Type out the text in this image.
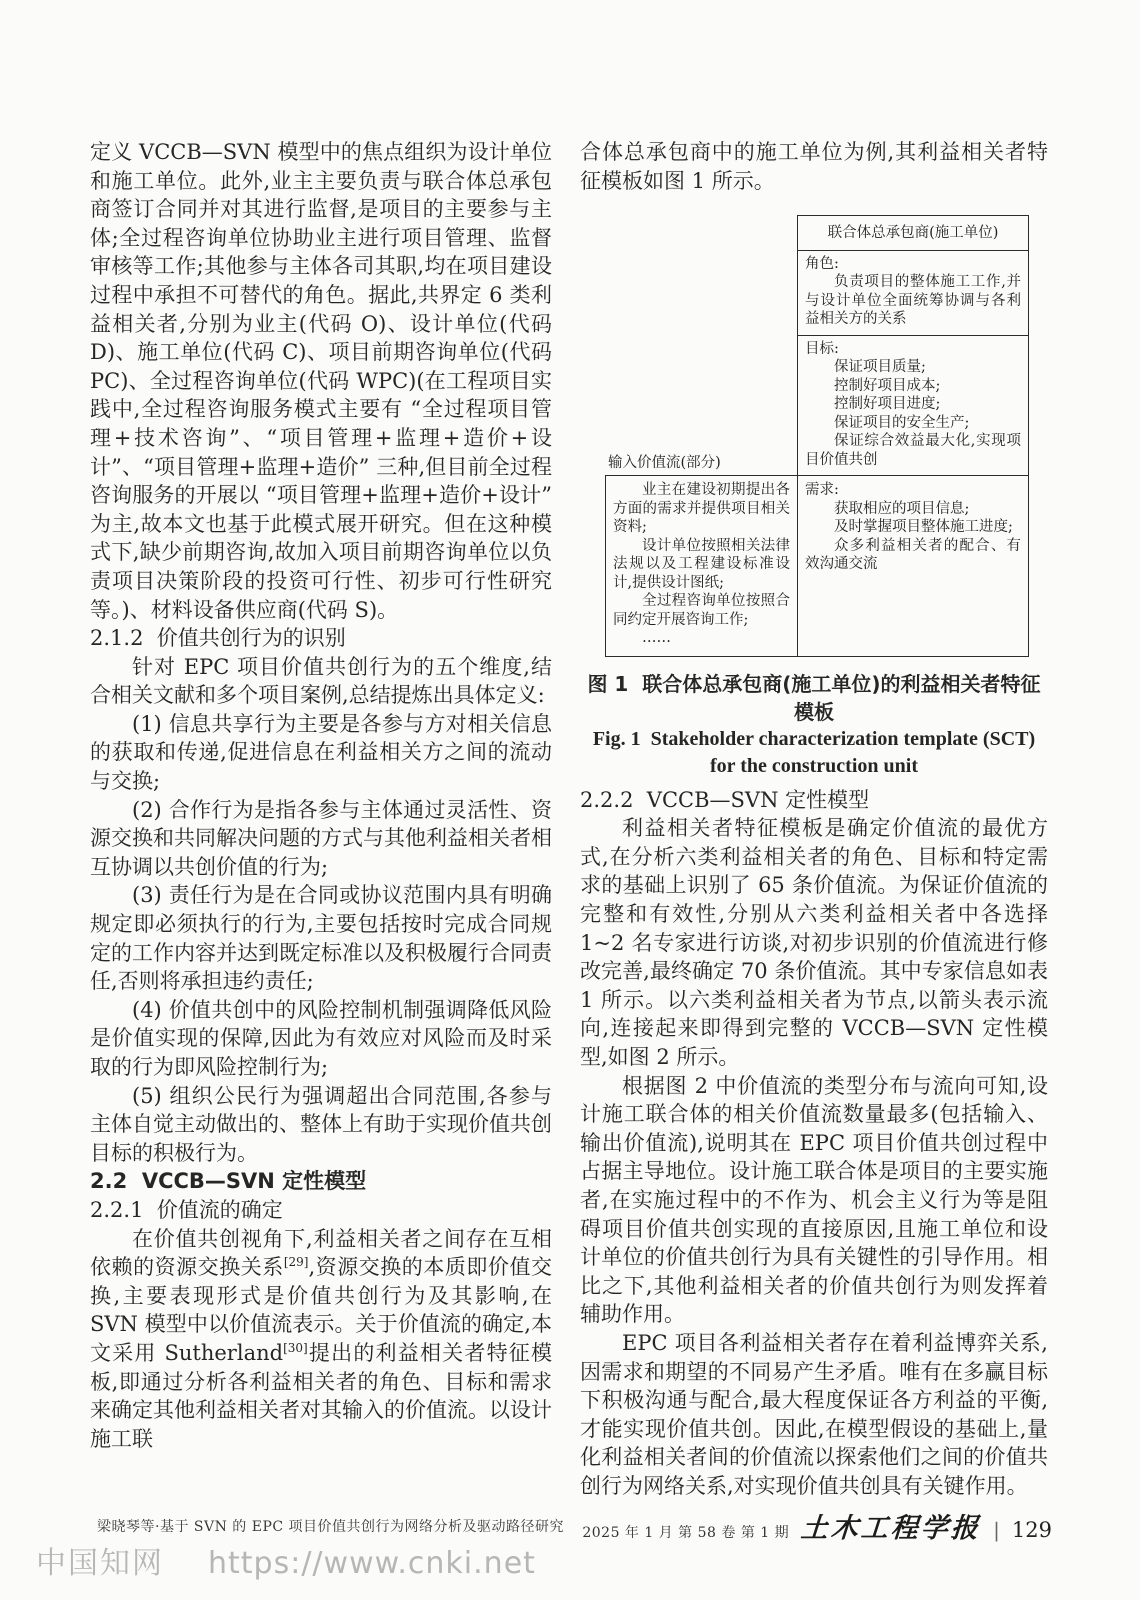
定义 VCCB—SVN 模型中的焦点组织为设计单位和施工单位。此外,业主主要负责与联合体总承包商签订合同并对其进行监督,是项目的主要参与主体;全过程咨询单位协助业主进行项目管理、监督审核等工作;其他参与主体各司其职,均在项目建设过程中承担不可替代的角色。据此,共界定 6 类利益相关者,分别为业主(代码 O)、设计单位(代码 D)、施工单位(代码 C)、项目前期咨询单位(代码 PC)、全过程咨询单位(代码 WPC)(在工程项目实践中,全过程咨询服务模式主要有 “全过程项目管理+技术咨询”、“项目管理+监理+造价+设计”、“项目管理+监理+造价” 三种,但目前全过程咨询服务的开展以 “项目管理+监理+造价+设计” 为主,故本文也基于此模式展开研究。但在这种模式下,缺少前期咨询,故加入项目前期咨询单位以负责项目决策阶段的投资可行性、初步可行性研究等。)、材料设备供应商(代码 S)。

2.1.2  价值共创行为的识别

针对 EPC 项目价值共创行为的五个维度,结合相关文献和多个项目案例,总结提炼出具体定义:

(1) 信息共享行为主要是各参与方对相关信息的获取和传递,促进信息在利益相关方之间的流动与交换;

(2) 合作行为是指各参与主体通过灵活性、资源交换和共同解决问题的方式与其他利益相关者相互协调以共创价值的行为;

(3) 责任行为是在合同或协议范围内具有明确规定即必须执行的行为,主要包括按时完成合同规定的工作内容并达到既定标准以及积极履行合同责任,否则将承担违约责任;

(4) 价值共创中的风险控制机制强调降低风险是价值实现的保障,因此为有效应对风险而及时采取的行为即风险控制行为;

(5) 组织公民行为强调超出合同范围,各参与主体自觉主动做出的、整体上有助于实现价值共创目标的积极行为。

2.2  VCCB—SVN 定性模型
2.2.1  价值流的确定

在价值共创视角下,利益相关者之间存在互相依赖的资源交换关系[29],资源交换的本质即价值交换,主要表现形式是价值共创行为及其影响,在 SVN 模型中以价值流表示。关于价值流的确定,本文采用 Sutherland[30]提出的利益相关者特征模板,即通过分析各利益相关者的角色、目标和需求来确定其他利益相关者对其输入的价值流。以设计施工联

合体总承包商中的施工单位为例,其利益相关者特征模板如图 1 所示。

输入价值流(部分)
联合体总承包商(施工单位)
角色:
负责项目的整体施工工作,并与设计单位全面统筹协调与各利益相关方的关系
目标:
保证项目质量;
控制好项目成本;
控制好项目进度;
保证项目的安全生产;
保证综合效益最大化,实现项目价值共创
业主在建设初期提出各方面的需求并提供项目相关资料;
设计单位按照相关法律法规以及工程建设标准设计,提供设计图纸;
全过程咨询单位按照合同约定开展咨询工作;
……
需求:
获取相应的项目信息;
及时掌握项目整体施工进度;
众多利益相关者的配合、有效沟通交流
图 1  联合体总承包商(施工单位)的利益相关者特征模板
Fig. 1  Stakeholder characterization template (SCT)
for the construction unit
2.2.2  VCCB—SVN 定性模型

利益相关者特征模板是确定价值流的最优方式,在分析六类利益相关者的角色、目标和特定需求的基础上识别了 65 条价值流。为保证价值流的完整和有效性,分别从六类利益相关者中各选择 1~2 名专家进行访谈,对初步识别的价值流进行修改完善,最终确定 70 条价值流。其中专家信息如表 1 所示。以六类利益相关者为节点,以箭头表示流向,连接起来即得到完整的 VCCB—SVN 定性模型,如图 2 所示。

根据图 2 中价值流的类型分布与流向可知,设计施工联合体的相关价值流数量最多(包括输入、输出价值流),说明其在 EPC 项目价值共创过程中占据主导地位。设计施工联合体是项目的主要实施者,在实施过程中的不作为、机会主义行为等是阻碍项目价值共创实现的直接原因,且施工单位和设计单位的价值共创行为具有关键性的引导作用。相比之下,其他利益相关者的价值共创行为则发挥着辅助作用。

EPC 项目各利益相关者存在着利益博弈关系,因需求和期望的不同易产生矛盾。唯有在多赢目标下积极沟通与配合,最大程度保证各方利益的平衡,才能实现价值共创。因此,在模型假设的基础上,量化利益相关者间的价值流以探索他们之间的价值共创行为网络关系,对实现价值共创具有关键作用。

梁晓琴等·基于 SVN 的 EPC 项目价值共创行为网络分析及驱动路径研究 2025 年 1 月 第 58 卷 第 1 期 土木工程学报 | 129
中国知网 https://www.cnki.net
